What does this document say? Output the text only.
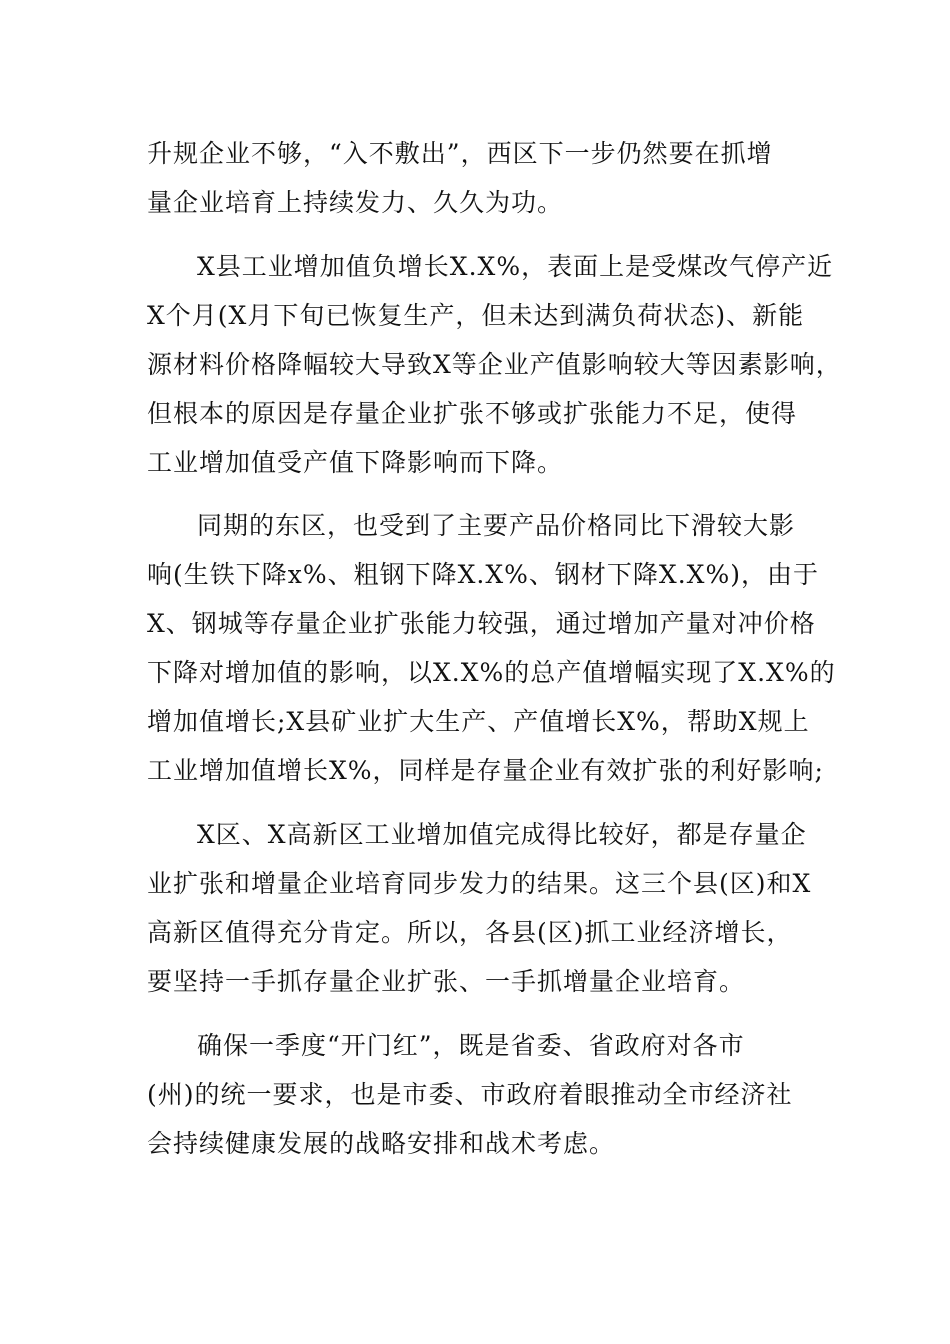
升规企业不够，“入不敷出”，西区下一步仍然要在抓增
量企业培育上持续发力、久久为功。
X县工业增加值负增长X.X%，表面上是受煤改气停产近
X个月(X月下旬已恢复生产，但未达到满负荷状态)、新能
源材料价格降幅较大导致X等企业产值影响较大等因素影响，
但根本的原因是存量企业扩张不够或扩张能力不足，使得
工业增加值受产值下降影响而下降。
同期的东区，也受到了主要产品价格同比下滑较大影
响(生铁下降x%、粗钢下降X.X%、钢材下降X.X%)，由于
X、钢城等存量企业扩张能力较强，通过增加产量对冲价格
下降对增加值的影响，以X.X%的总产值增幅实现了X.X%的
增加值增长;X县矿业扩大生产、产值增长X%，帮助X规上
工业增加值增长X%，同样是存量企业有效扩张的利好影响;
X区、X高新区工业增加值完成得比较好，都是存量企
业扩张和增量企业培育同步发力的结果。这三个县(区)和X
高新区值得充分肯定。所以，各县(区)抓工业经济增长，
要坚持一手抓存量企业扩张、一手抓增量企业培育。
确保一季度“开门红”，既是省委、省政府对各市
(州)的统一要求，也是市委、市政府着眼推动全市经济社
会持续健康发展的战略安排和战术考虑。
